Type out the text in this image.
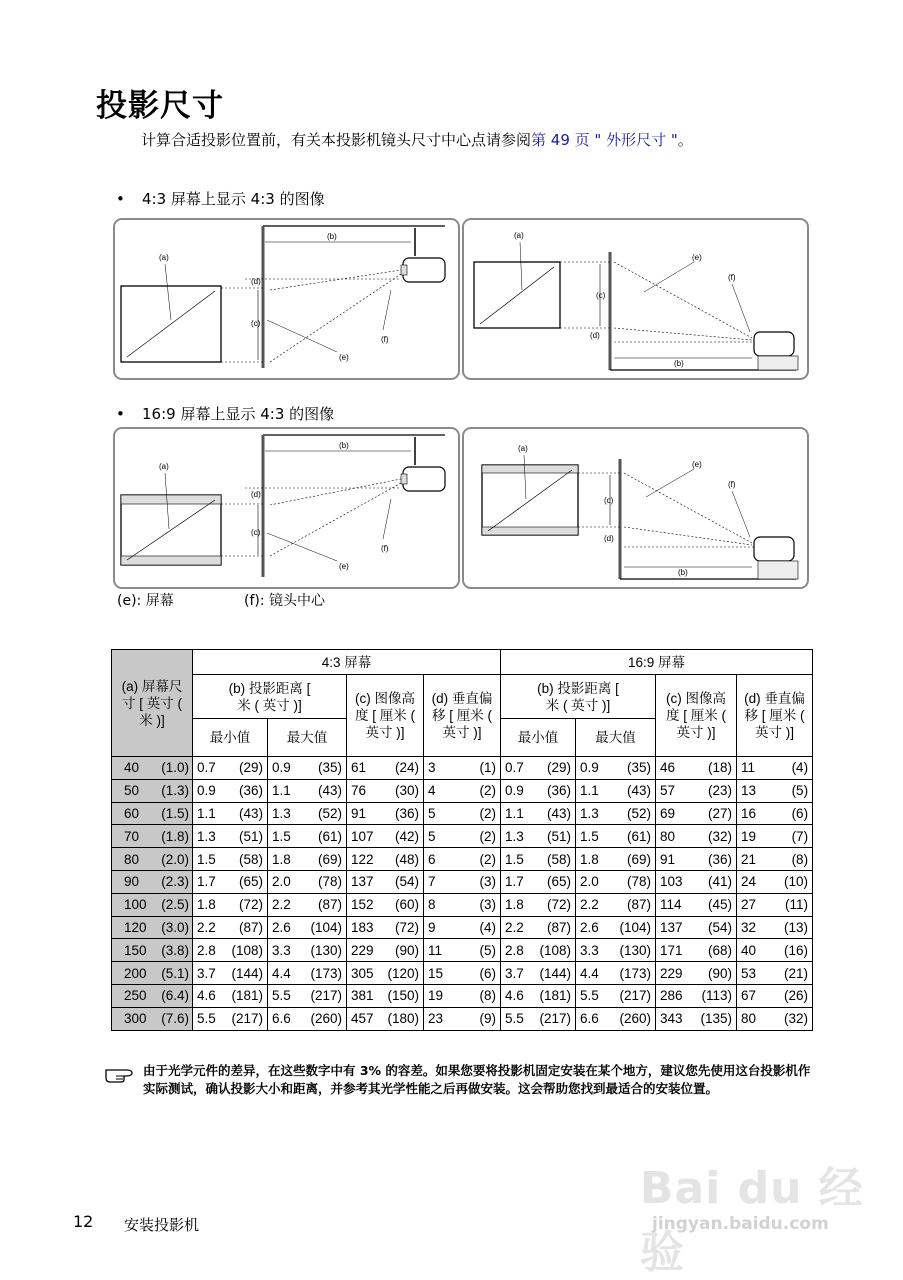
投影尺寸
计算合适投影位置前，有关本投影机镜头尺寸中心点请参阅第 49 页 " 外形尺寸 "。
• 4:3 屏幕上显示 4:3 的图像
• 16:9 屏幕上显示 4:3 的图像
(b)
(a)
(d)
(c)
(e)
(f)
(a)
(c)
(d)
(b)
(e)
(f)
(b)
(a)
(d)
(c)
(e)
(f)
(a)
(c)
(d)
(b)
(e)
(f)
(e): 屏幕	(f): 镜头中心
(a) 屏幕尺寸 [ 英寸 ( 米 )]	4:3 屏幕				16:9 屏幕			
	(b) 投影距离 [ 米 ( 英寸 )]		(c) 图像高度 [ 厘米 ( 英寸 )]	(d) 垂直偏移 [ 厘米 ( 英寸 )]	(b) 投影距离 [ 米 ( 英寸 )]		(c) 图像高度 [ 厘米 ( 英寸 )]	(d) 垂直偏移 [ 厘米 ( 英寸 )]
	最小值	最大值			最小值	最大值		

40 (1.0)	0.7 (29)	0.9 (35)	61 (24)	3 (1)	0.7 (29)	0.9 (35)	46 (18)	11 (4)

50 (1.3)	0.9 (36)	1.1 (43)	76 (30)	4 (2)	0.9 (36)	1.1 (43)	57 (23)	13 (5)

60 (1.5)	1.1 (43)	1.3 (52)	91 (36)	5 (2)	1.1 (43)	1.3 (52)	69 (27)	16 (6)

70 (1.8)	1.3 (51)	1.5 (61)	107 (42)	5 (2)	1.3 (51)	1.5 (61)	80 (32)	19 (7)

80 (2.0)	1.5 (58)	1.8 (69)	122 (48)	6 (2)	1.5 (58)	1.8 (69)	91 (36)	21 (8)

90 (2.3)	1.7 (65)	2.0 (78)	137 (54)	7 (3)	1.7 (65)	2.0 (78)	103 (41)	24 (10)

100 (2.5)	1.8 (72)	2.2 (87)	152 (60)	8 (3)	1.8 (72)	2.2 (87)	114 (45)	27 (11)

120 (3.0)	2.2 (87)	2.6 (104)	183 (72)	9 (4)	2.2 (87)	2.6 (104)	137 (54)	32 (13)

150 (3.8)	2.8 (108)	3.3 (130)	229 (90)	11 (5)	2.8 (108)	3.3 (130)	171 (68)	40 (16)

200 (5.1)	3.7 (144)	4.4 (173)	305 (120)	15 (6)	3.7 (144)	4.4 (173)	229 (90)	53 (21)

250 (6.4)	4.6 (181)	5.5 (217)	381 (150)	19 (8)	4.6 (181)	5.5 (217)	286 (113)	67 (26)

300 (7.6)	5.5 (217)	6.6 (260)	457 (180)	23 (9)	5.5 (217)	6.6 (260)	343 (135)	80 (32)
由于光学元件的差异，在这些数字中有 3% 的容差。如果您要将投影机固定安装在某个地方，建议您先使用这台投影机作实际测试，确认投影大小和距离，并参考其光学性能之后再做安装。这会帮助您找到最适合的安装位置。
12 安装投影机
Bai du 经验
jingyan.baidu.com
